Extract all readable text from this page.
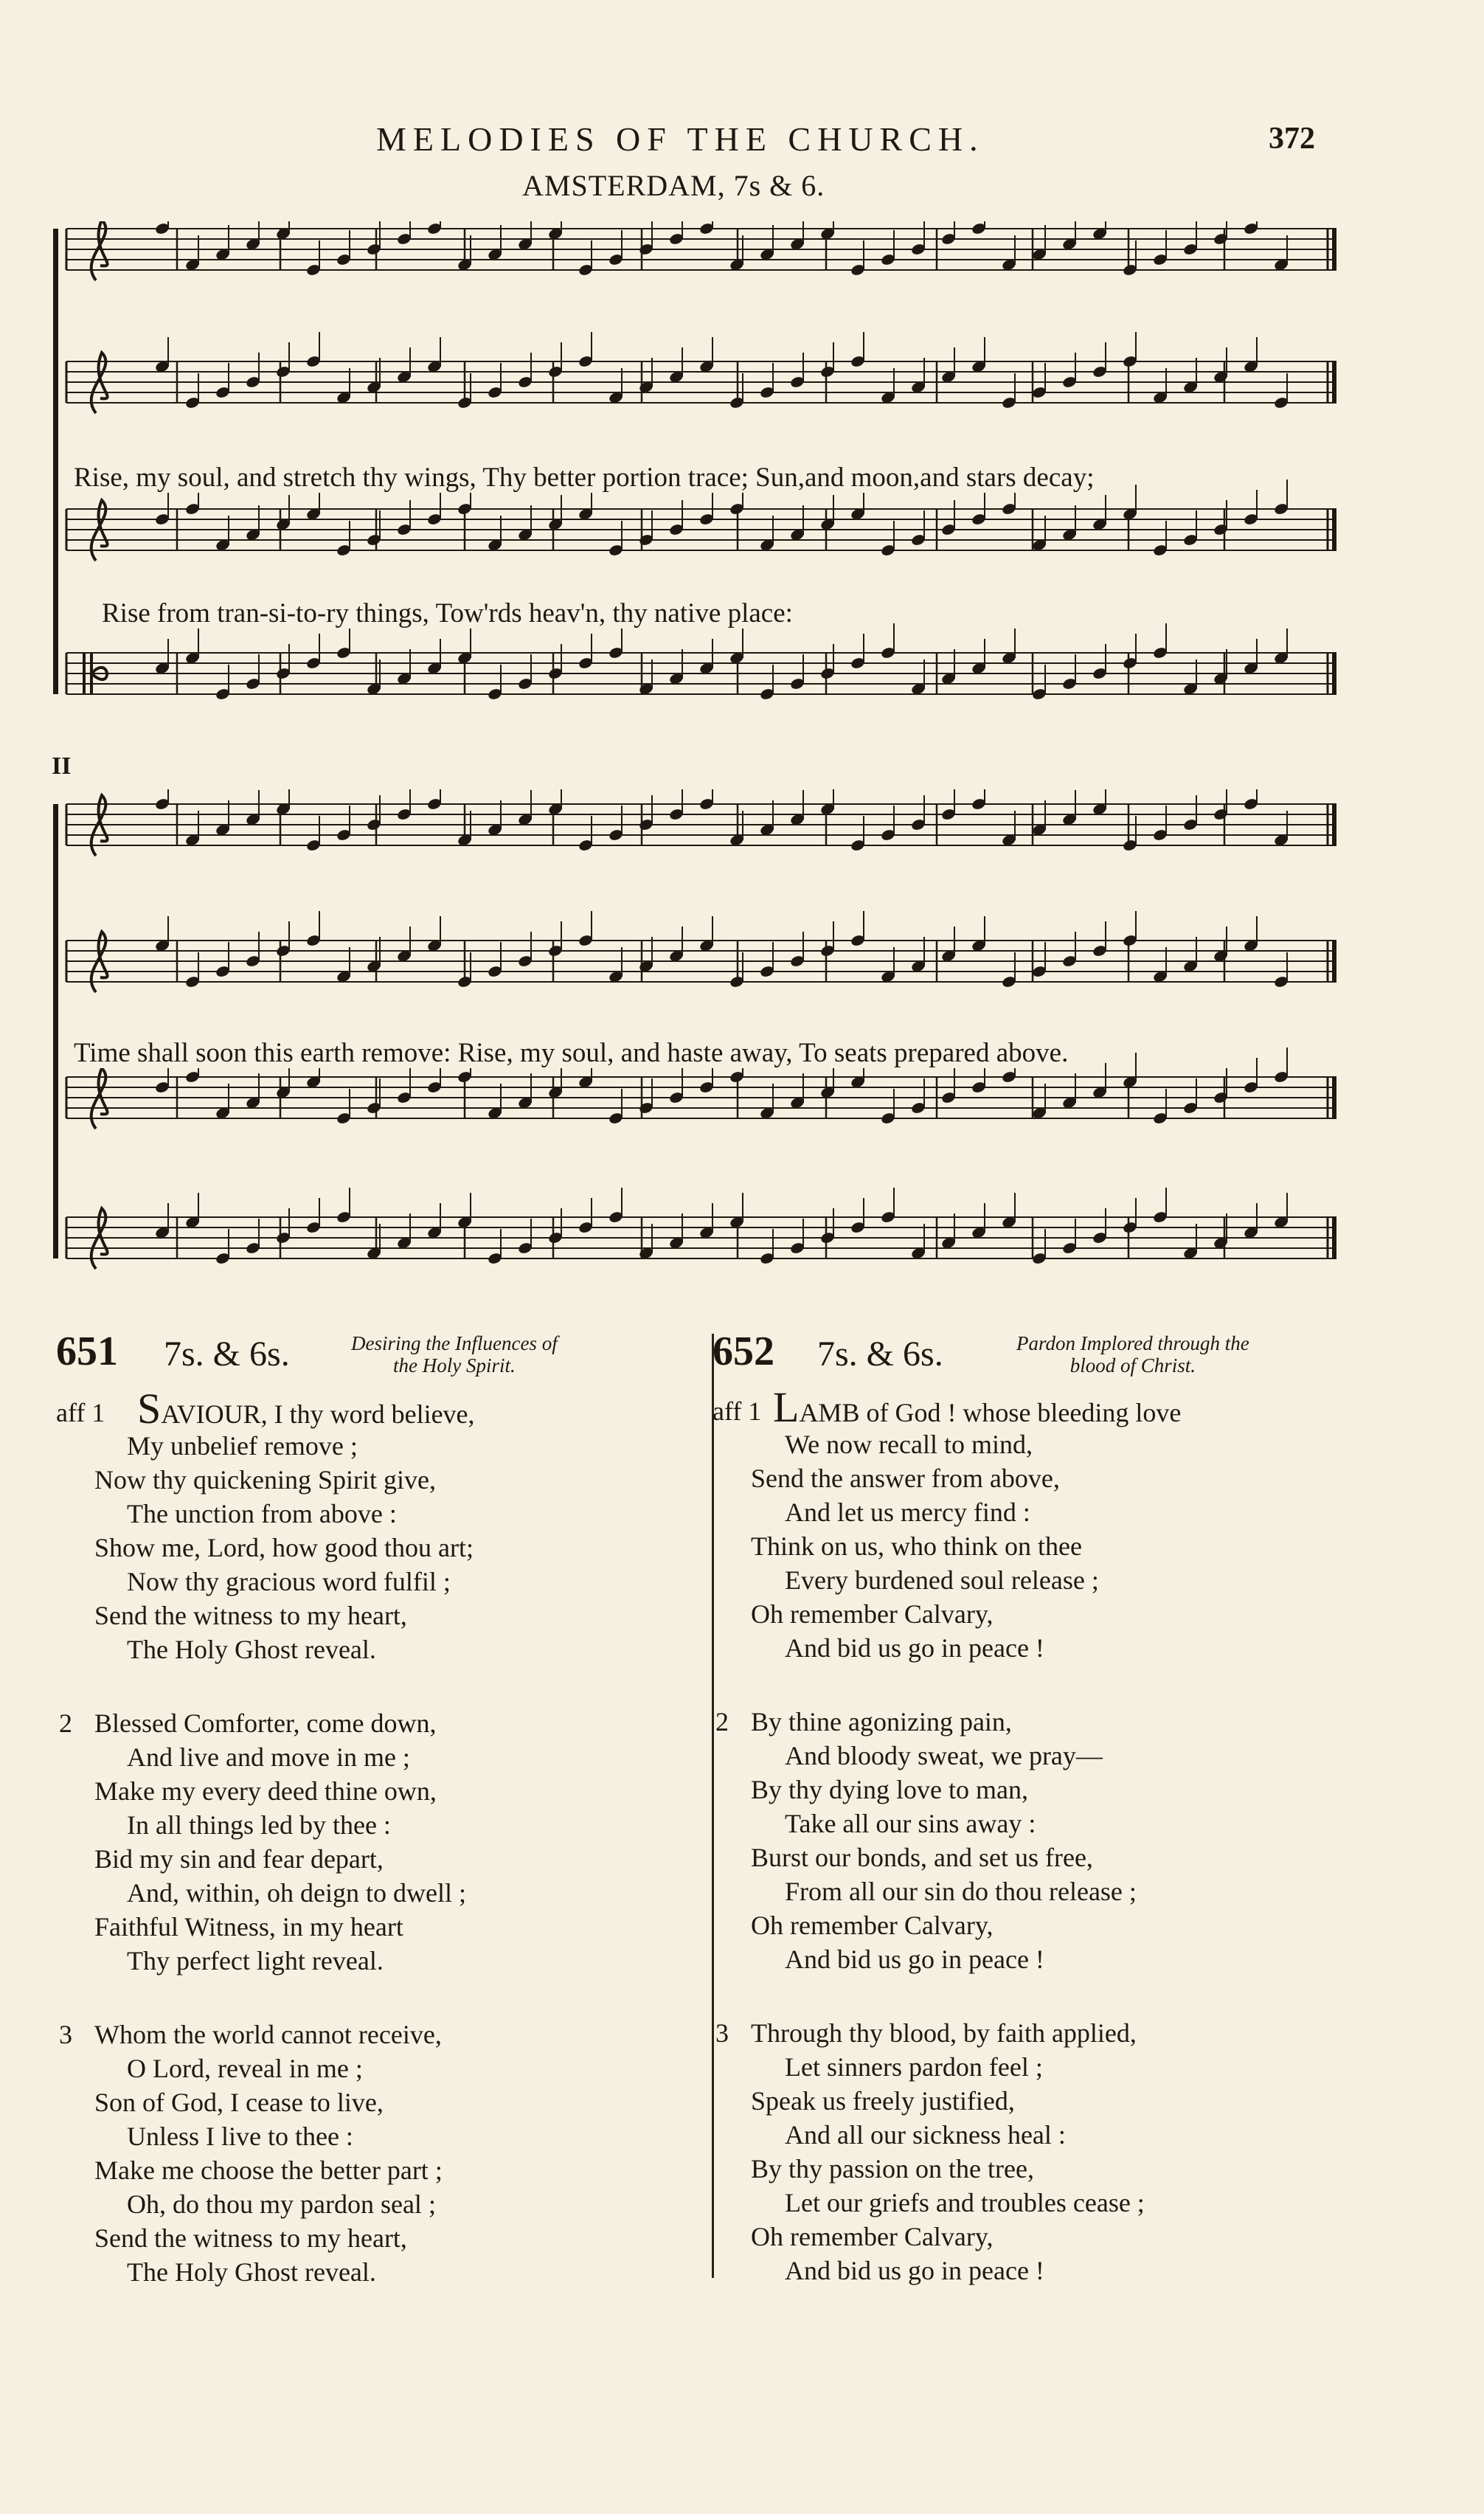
MELODIES OF THE CHURCH.	372
AMSTERDAM, 7s & 6.
Rise, my soul, and stretch thy wings, Thy better portion trace; Sun,and moon,and stars decay;
Rise from tran-si-to-ry things, Tow'rds heav'n, thy native place:
II
Time shall soon this earth remove: Rise, my soul, and haste away, To seats prepared above.
651 7s. & 6s.	Desiring the Influences of
the Holy Spirit.
aff 1 SAVIOUR, I thy word believe,
My unbelief remove ;
Now thy quickening Spirit give,
The unction from above :
Show me, Lord, how good thou art;
Now thy gracious word fulfil ;
Send the witness to my heart,
The Holy Ghost reveal.
2 Blessed Comforter, come down,
And live and move in me ;
Make my every deed thine own,
In all things led by thee :
Bid my sin and fear depart,
And, within, oh deign to dwell ;
Faithful Witness, in my heart
Thy perfect light reveal.
3 Whom the world cannot receive,
O Lord, reveal in me ;
Son of God, I cease to live,
Unless I live to thee :
Make me choose the better part ;
Oh, do thou my pardon seal ;
Send the witness to my heart,
The Holy Ghost reveal.
652 7s. & 6s.	Pardon Implored through the
blood of Christ.
aff 1 LAMB of God ! whose bleeding love
We now recall to mind,
Send the answer from above,
And let us mercy find :
Think on us, who think on thee
Every burdened soul release ;
Oh remember Calvary,
And bid us go in peace !
2 By thine agonizing pain,
And bloody sweat, we pray—
By thy dying love to man,
Take all our sins away :
Burst our bonds, and set us free,
From all our sin do thou release ;
Oh remember Calvary,
And bid us go in peace !
3 Through thy blood, by faith applied,
Let sinners pardon feel ;
Speak us freely justified,
And all our sickness heal :
By thy passion on the tree,
Let our griefs and troubles cease ;
Oh remember Calvary,
And bid us go in peace !
